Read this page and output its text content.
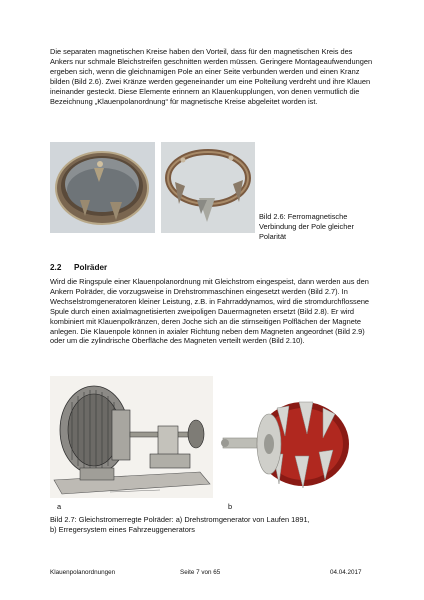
Die separaten magnetischen Kreise haben den Vorteil, dass für den magnetischen Kreis des Ankers nur schmale Bleichstreifen geschnitten werden müssen. Geringere Montageaufwendungen ergeben sich, wenn die gleichnamigen Pole an einer Seite verbunden werden und einen Kranz bilden (Bild 2.6). Zwei Kränze werden gegeneinander um eine Polteilung verdreht und ihre Klauen ineinander gesteckt. Diese Elemente erinnern an Klauenkupplungen, von denen vermutlich die Bezeichnung „Klauenpolanordnung“ für magnetische Kreise abgeleitet worden ist.

Bild 2.6: Ferromagnetische Verbindung der Pole gleicher Polarität

2.2 Polräder

Wird die Ringspule einer Klauenpolanordnung mit Gleichstrom eingespeist, dann werden aus den Ankern Polräder, die vorzugsweise in Drehstrommaschinen eingesetzt werden (Bild 2.7). In Wechselstromgeneratoren kleiner Leistung, z.B. in Fahrraddynamos, wird die stromdurchflossene Spule durch einen axialmagnetisierten zweipoligen Dauermagneten ersetzt (Bild 2.8). Er wird kombiniert mit Klauenpolkränzen, deren Joche sich an die stirnseitigen Polflächen der Magnete anlegen. Die Klauenpole können in axialer Richtung neben dem Magneten angeordnet (Bild 2.9) oder um die zylindrische Oberfläche des Magneten verteilt werden (Bild 2.10).

a	b

Bild 2.7: Gleichstromerregte Polräder: a) Drehstromgenerator von Laufen 1891,
b) Erregersystem eines Fahrzeuggenerators

Klauenpolanordnungen	Seite 7 von 65	04.04.2017
